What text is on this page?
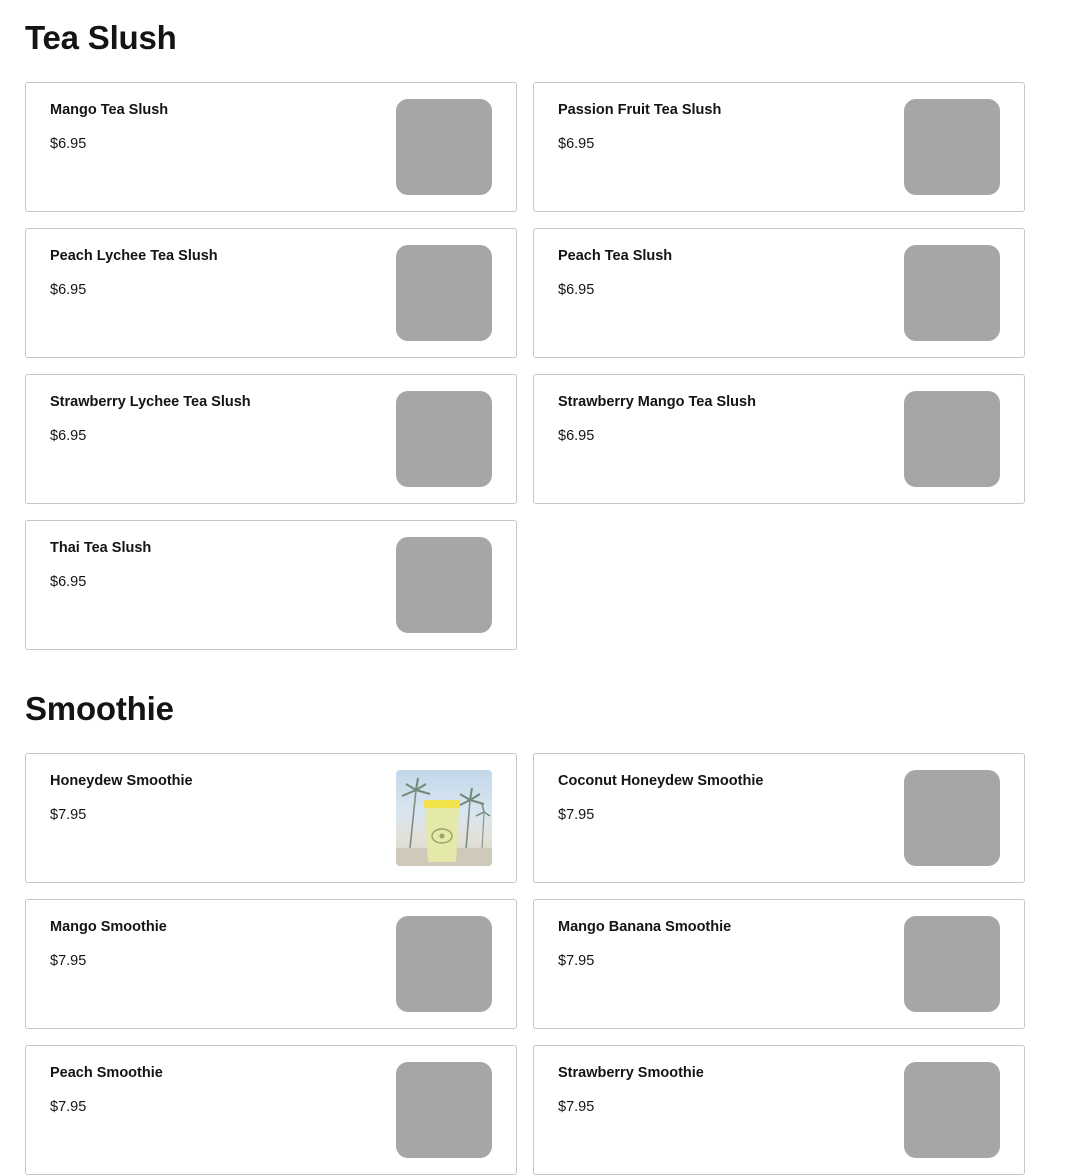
Tea Slush
Mango Tea Slush
$6.95
Passion Fruit Tea Slush
$6.95
Peach Lychee Tea Slush
$6.95
Peach Tea Slush
$6.95
Strawberry Lychee Tea Slush
$6.95
Strawberry Mango Tea Slush
$6.95
Thai Tea Slush
$6.95
Smoothie
Honeydew Smoothie
$7.95
Coconut Honeydew Smoothie
$7.95
Mango Smoothie
$7.95
Mango Banana Smoothie
$7.95
Peach Smoothie
$7.95
Strawberry Smoothie
$7.95
